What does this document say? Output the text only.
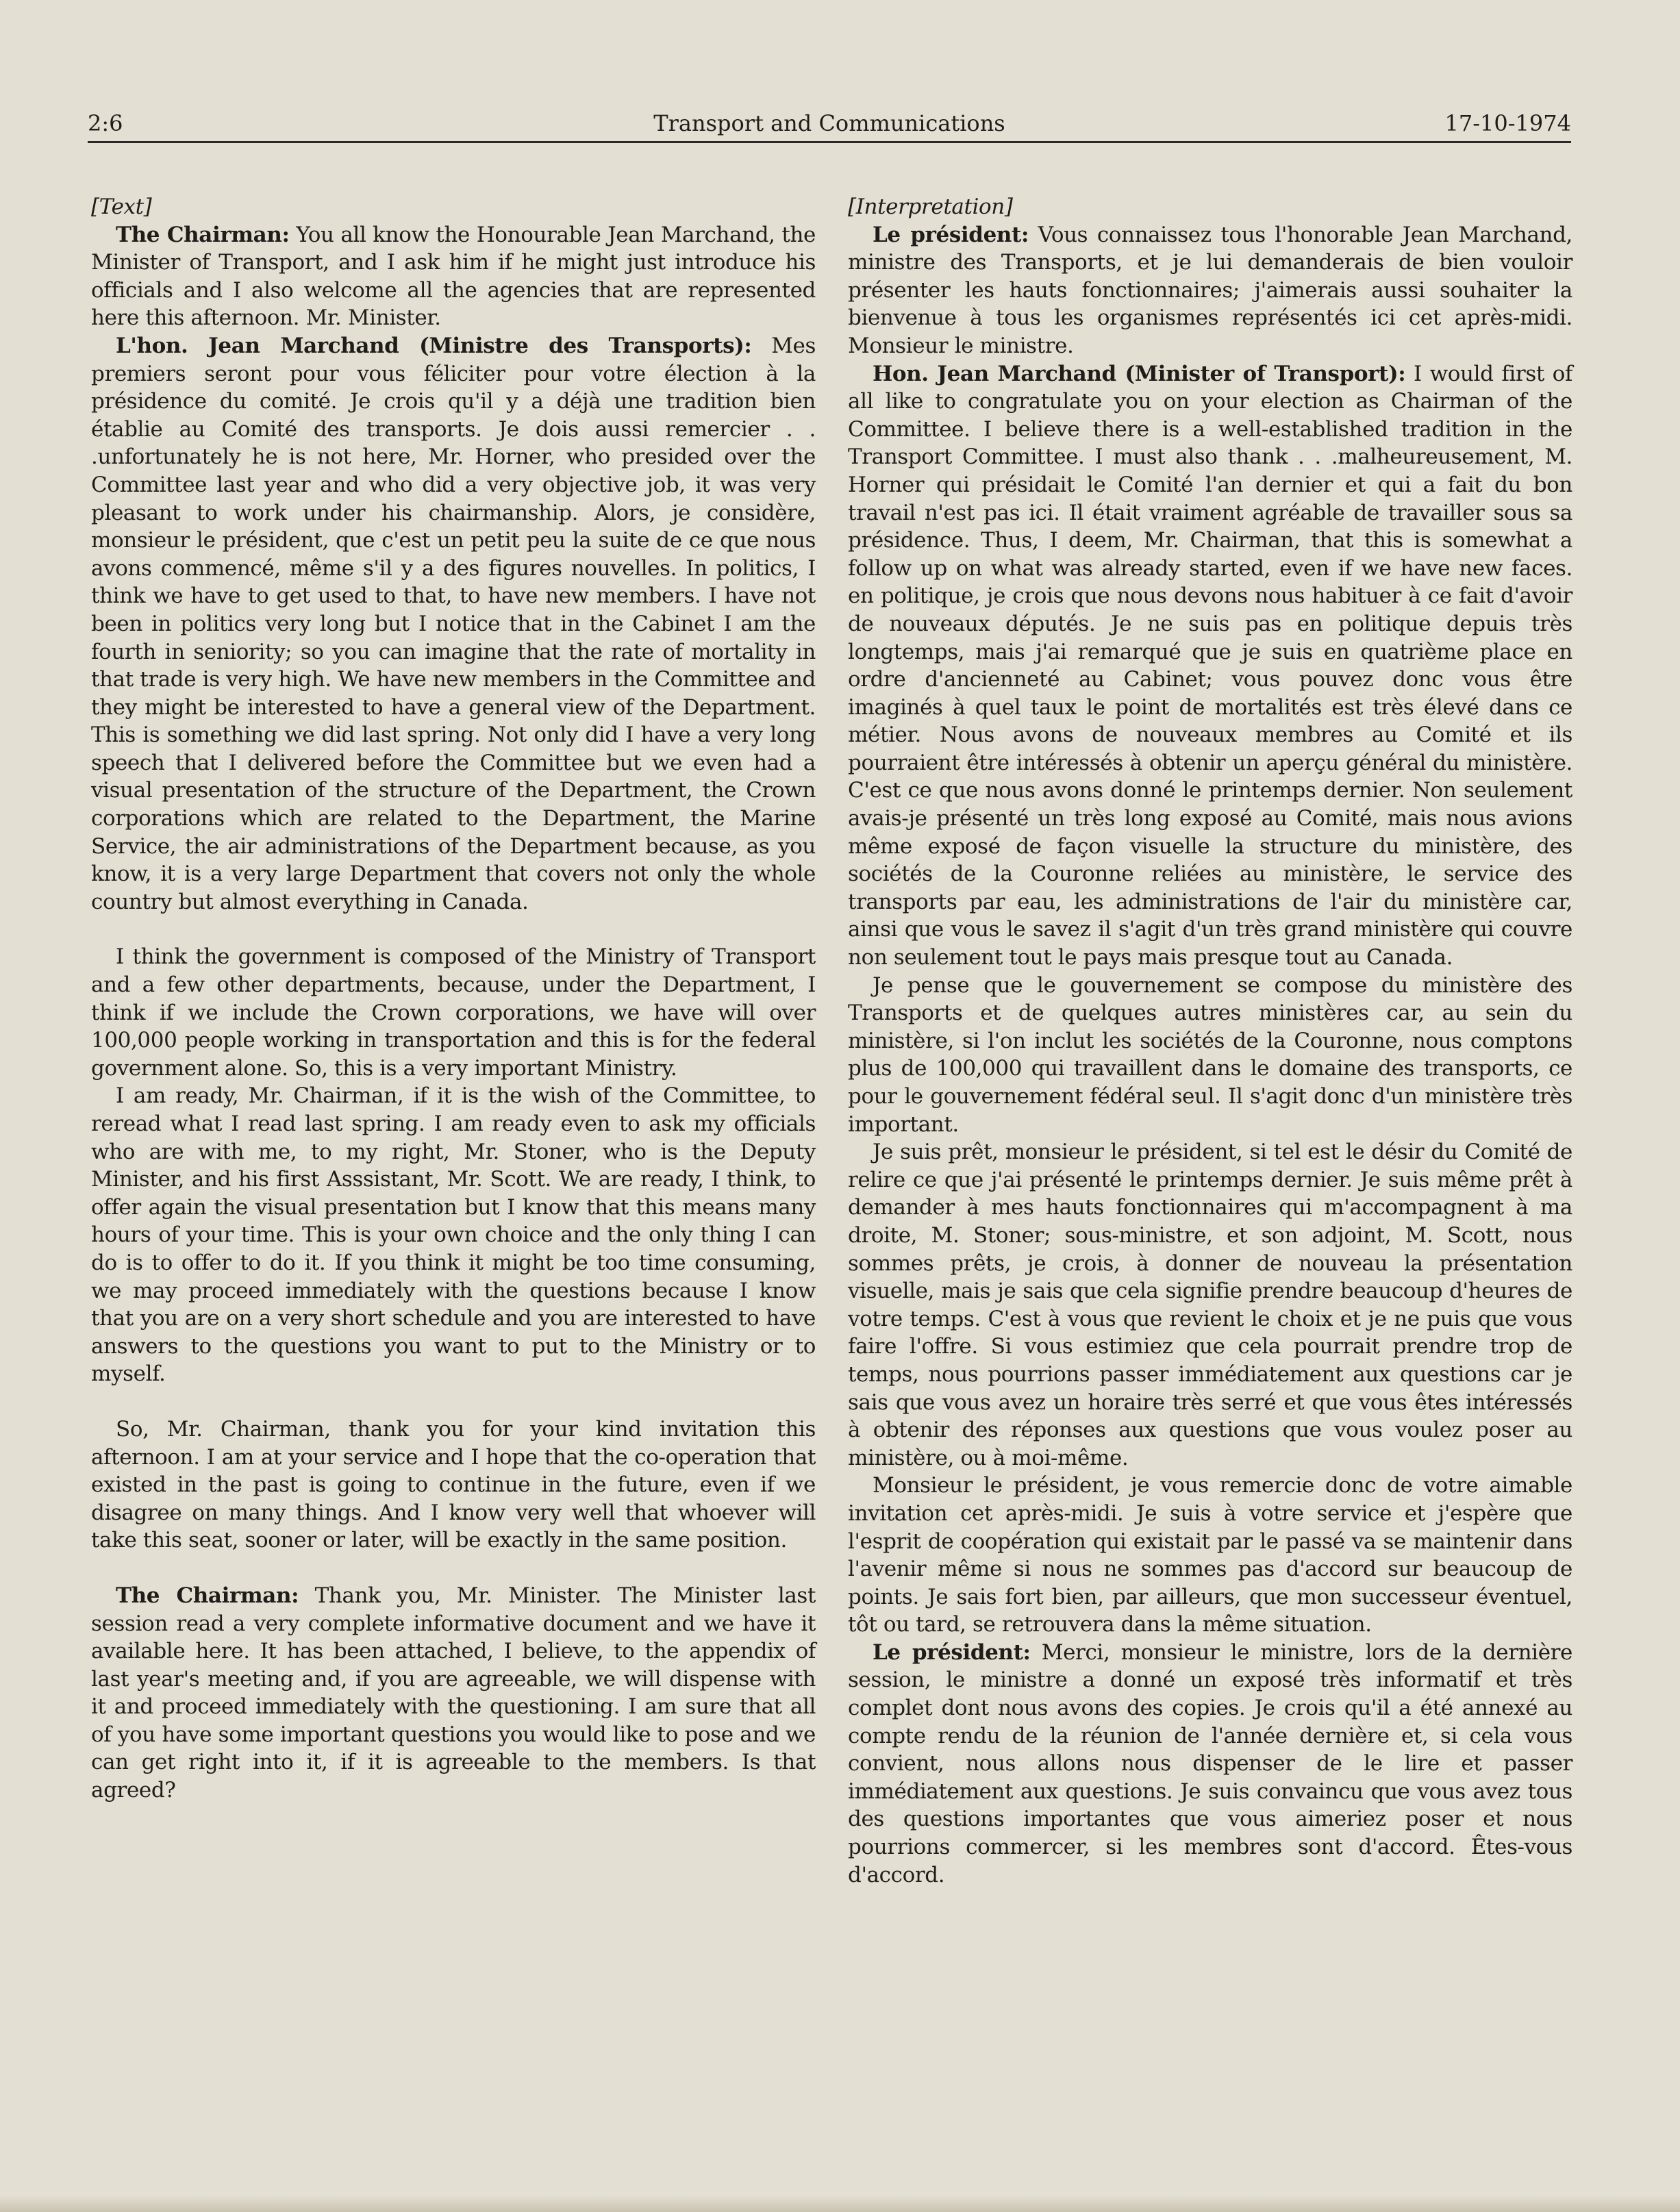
2:6	Transport and Communications	17-10-1974

[Text]

The Chairman: You all know the Honourable Jean Marchand, the Minister of Transport, and I ask him if he might just introduce his officials and I also welcome all the agencies that are represented here this afternoon. Mr. Minister.

L'hon. Jean Marchand (Ministre des Transports): Mes premiers seront pour vous féliciter pour votre élection à la présidence du comité. Je crois qu'il y a déjà une tradition bien établie au Comité des transports. Je dois aussi remercier . . .unfortunately he is not here, Mr. Horner, who presided over the Committee last year and who did a very objective job, it was very pleasant to work under his chairmanship. Alors, je considère, monsieur le président, que c'est un petit peu la suite de ce que nous avons commencé, même s'il y a des figures nouvelles. In politics, I think we have to get used to that, to have new members. I have not been in politics very long but I notice that in the Cabinet I am the fourth in seniority; so you can imagine that the rate of mortality in that trade is very high. We have new members in the Committee and they might be interested to have a general view of the Department. This is something we did last spring. Not only did I have a very long speech that I delivered before the Committee but we even had a visual presentation of the structure of the Department, the Crown corporations which are related to the Department, the Marine Service, the air administrations of the Department because, as you know, it is a very large Department that covers not only the whole country but almost everything in Canada.

I think the government is composed of the Ministry of Transport and a few other departments, because, under the Department, I think if we include the Crown corporations, we have will over 100,000 people working in transportation and this is for the federal government alone. So, this is a very important Ministry.

I am ready, Mr. Chairman, if it is the wish of the Committee, to reread what I read last spring. I am ready even to ask my officials who are with me, to my right, Mr. Stoner, who is the Deputy Minister, and his first Asssistant, Mr. Scott. We are ready, I think, to offer again the visual presentation but I know that this means many hours of your time. This is your own choice and the only thing I can do is to offer to do it. If you think it might be too time consuming, we may proceed immediately with the questions because I know that you are on a very short schedule and you are interested to have answers to the questions you want to put to the Ministry or to myself.

So, Mr. Chairman, thank you for your kind invitation this afternoon. I am at your service and I hope that the co-operation that existed in the past is going to continue in the future, even if we disagree on many things. And I know very well that whoever will take this seat, sooner or later, will be exactly in the same position.

The Chairman: Thank you, Mr. Minister. The Minister last session read a very complete informative document and we have it available here. It has been attached, I believe, to the appendix of last year's meeting and, if you are agreeable, we will dispense with it and proceed immediately with the questioning. I am sure that all of you have some important questions you would like to pose and we can get right into it, if it is agreeable to the members. Is that agreed?

[Interpretation]

Le président: Vous connaissez tous l'honorable Jean Marchand, ministre des Transports, et je lui demanderais de bien vouloir présenter les hauts fonctionnaires; j'aimerais aussi souhaiter la bienvenue à tous les organismes représentés ici cet après-midi. Monsieur le ministre.

Hon. Jean Marchand (Minister of Transport): I would first of all like to congratulate you on your election as Chairman of the Committee. I believe there is a well-established tradition in the Transport Committee. I must also thank . . .malheureusement, M. Horner qui présidait le Comité l'an dernier et qui a fait du bon travail n'est pas ici. Il était vraiment agréable de travailler sous sa présidence. Thus, I deem, Mr. Chairman, that this is somewhat a follow up on what was already started, even if we have new faces. en politique, je crois que nous devons nous habituer à ce fait d'avoir de nouveaux députés. Je ne suis pas en politique depuis très longtemps, mais j'ai remarqué que je suis en quatrième place en ordre d'ancienneté au Cabinet; vous pouvez donc vous être imaginés à quel taux le point de mortalités est très élevé dans ce métier. Nous avons de nouveaux membres au Comité et ils pourraient être intéressés à obtenir un aperçu général du ministère. C'est ce que nous avons donné le printemps dernier. Non seulement avais-je présenté un très long exposé au Comité, mais nous avions même exposé de façon visuelle la structure du ministère, des sociétés de la Couronne reliées au ministère, le service des transports par eau, les administrations de l'air du ministère car, ainsi que vous le savez il s'agit d'un très grand ministère qui couvre non seulement tout le pays mais presque tout au Canada.

Je pense que le gouvernement se compose du ministère des Transports et de quelques autres ministères car, au sein du ministère, si l'on inclut les sociétés de la Couronne, nous comptons plus de 100,000 qui travaillent dans le domaine des transports, ce pour le gouvernement fédéral seul. Il s'agit donc d'un ministère très important.

Je suis prêt, monsieur le président, si tel est le désir du Comité de relire ce que j'ai présenté le printemps dernier. Je suis même prêt à demander à mes hauts fonctionnaires qui m'accompagnent à ma droite, M. Stoner; sous-ministre, et son adjoint, M. Scott, nous sommes prêts, je crois, à donner de nouveau la présentation visuelle, mais je sais que cela signifie prendre beaucoup d'heures de votre temps. C'est à vous que revient le choix et je ne puis que vous faire l'offre. Si vous estimiez que cela pourrait prendre trop de temps, nous pourrions passer immédiatement aux questions car je sais que vous avez un horaire très serré et que vous êtes intéressés à obtenir des réponses aux questions que vous voulez poser au ministère, ou à moi-même.

Monsieur le président, je vous remercie donc de votre aimable invitation cet après-midi. Je suis à votre service et j'espère que l'esprit de coopération qui existait par le passé va se maintenir dans l'avenir même si nous ne sommes pas d'accord sur beaucoup de points. Je sais fort bien, par ailleurs, que mon successeur éventuel, tôt ou tard, se retrouvera dans la même situation.

Le président: Merci, monsieur le ministre, lors de la dernière session, le ministre a donné un exposé très informatif et très complet dont nous avons des copies. Je crois qu'il a été annexé au compte rendu de la réunion de l'année dernière et, si cela vous convient, nous allons nous dispenser de le lire et passer immédiatement aux questions. Je suis convaincu que vous avez tous des questions importantes que vous aimeriez poser et nous pourrions commercer, si les membres sont d'accord. Êtes-vous d'accord.
